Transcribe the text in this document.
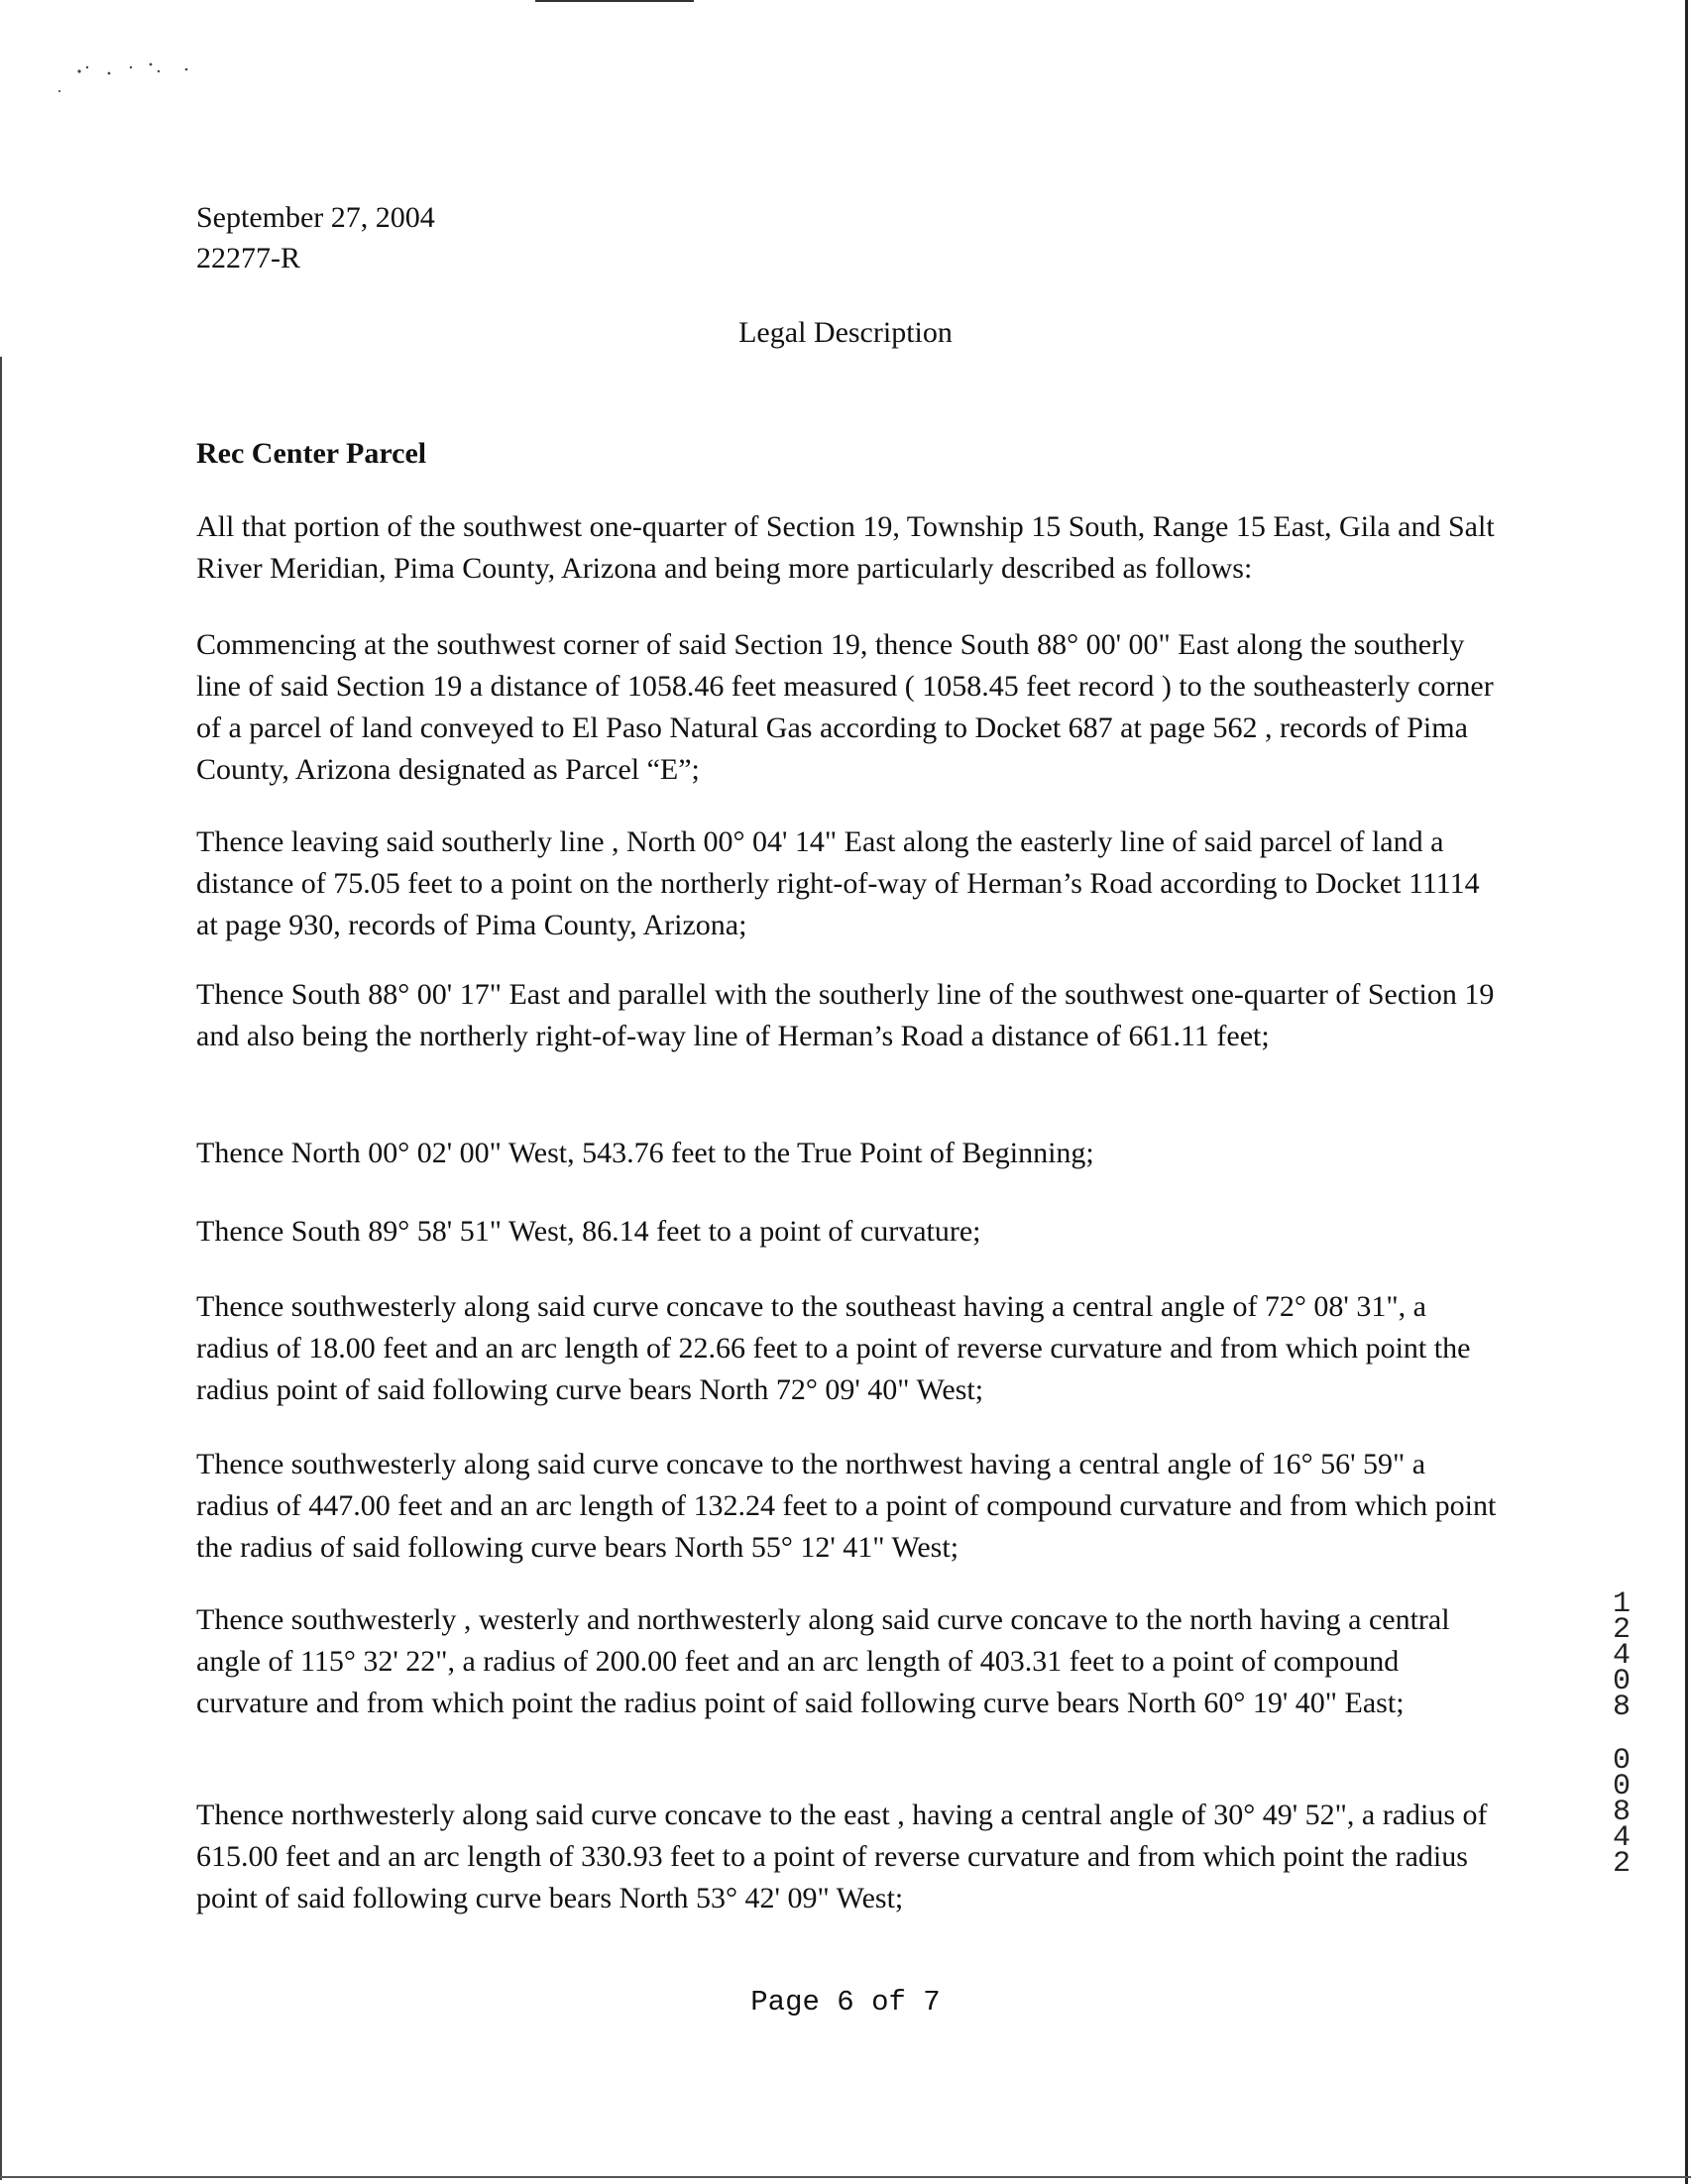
September 27, 2004
22277-R
Legal Description
Rec Center Parcel

All that portion of the southwest one-quarter of Section 19, Township 15 South, Range 15 East, Gila and Salt River Meridian, Pima County, Arizona and being more particularly described as follows:

Commencing at the southwest corner of said Section 19, thence South 88° 00' 00" East along the southerly line of said Section 19 a distance of 1058.46 feet measured ( 1058.45 feet record ) to the southeasterly corner of a parcel of land conveyed to El Paso Natural Gas according to Docket 687 at page 562 , records of Pima County, Arizona designated as Parcel “E”;

Thence leaving said southerly line , North 00° 04' 14" East along the easterly line of said parcel of land a distance of 75.05 feet to a point on the northerly right-of-way of Herman’s Road according to Docket 11114 at page 930, records of Pima County, Arizona;

Thence South 88° 00' 17" East and parallel with the southerly line of the southwest one-quarter of Section 19 and also being the northerly right-of-way line of Herman’s Road a distance of 661.11 feet;

Thence North 00° 02' 00" West, 543.76 feet to the True Point of Beginning;

Thence South 89° 58' 51" West, 86.14 feet to a point of curvature;

Thence southwesterly along said curve concave to the southeast having a central angle of 72° 08' 31", a radius of 18.00 feet and an arc length of 22.66 feet to a point of reverse curvature and from which point the radius point of said following curve bears North 72° 09' 40" West;

Thence southwesterly along said curve concave to the northwest having a central angle of 16° 56' 59" a radius of 447.00 feet and an arc length of 132.24 feet to a point of compound curvature and from which point the radius of said following curve bears North 55° 12' 41" West;

Thence southwesterly , westerly and northwesterly along said curve concave to the north having a central angle of 115° 32' 22", a radius of 200.00 feet and an arc length of 403.31 feet to a point of compound curvature and from which point the radius point of said following curve bears North 60° 19' 40" East;

Thence northwesterly along said curve concave to the east , having a central angle of 30° 49' 52", a radius of 615.00 feet and an arc length of 330.93 feet to a point of reverse curvature and from which point the radius point of said following curve bears North 53° 42' 09" West;

1
2
4
0
8
0
0
8
4
2
Page 6 of 7
